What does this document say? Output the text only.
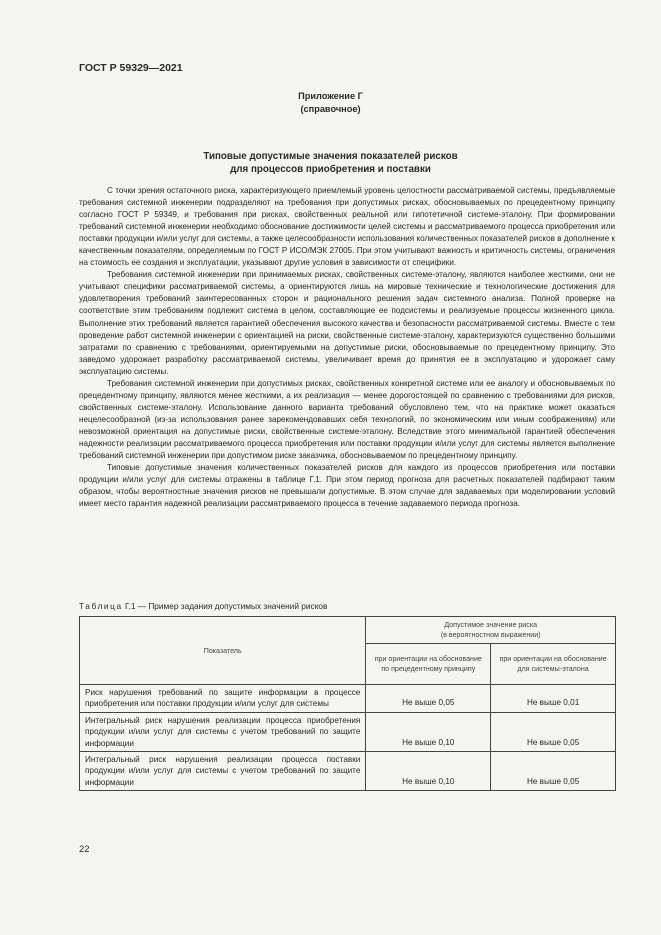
ГОСТ Р 59329—2021
Приложение Г
(справочное)
Типовые допустимые значения показателей рисков
для процессов приобретения и поставки

С точки зрения остаточного риска, характеризующего приемлемый уровень целостности рассматриваемой системы, предъявляемые требования системной инженерии подразделяют на требования при допустимых рисках, обосновываемых по прецедентному принципу согласно ГОСТ Р 59349, и требования при рисках, свойственных реальной или гипотетичной системе-эталону. При формировании требований системной инженерии необходимо обоснование достижимости целей системы и рассматриваемого процесса приобретения или поставки продукции и/или услуг для системы, а также целесообразности использования количественных показателей рисков в дополнение к качественным показателям, определяемым по ГОСТ Р ИСО/МЭК 27005. При этом учитывают важность и критичность системы, ограничения на стоимость ее создания и эксплуатации, указывают другие условия в зависимости от специфики.

Требования системной инженерии при принимаемых рисках, свойственных системе-эталону, являются наиболее жесткими, они не учитывают специфики рассматриваемой системы, а ориентируются лишь на мировые технические и технологические достижения для удовлетворения требований заинтересованных сторон и рационального решения задач системного анализа. Полной проверке на соответствие этим требованиям подлежит система в целом, составляющие ее подсистемы и реализуемые процессы жизненного цикла. Выполнение этих требований является гарантией обеспечения высокого качества и безопасности рассматриваемой системы. Вместе с тем проведение работ системной инженерии с ориентацией на риски, свойственные системе-эталону, характеризуются существенно большими затратами по сравнению с требованиями, ориентируемыми на допустимые риски, обосновываемые по прецедентному принципу. Это заведомо удорожает разработку рассматриваемой системы, увеличивает время до принятия ее в эксплуатацию и удорожает саму эксплуатацию системы.

Требования системной инженерии при допустимых рисках, свойственных конкретной системе или ее аналогу и обосновываемых по прецедентному принципу, являются менее жесткими, а их реализация — менее дорогостоящей по сравнению с требованиями для рисков, свойственных системе-эталону. Использование данного варианта требований обусловлено тем, что на практике может оказаться нецелесообразной (из-за использования ранее зарекомендовавших себя технологий, по экономическим или иным соображениям) или невозможной ориентация на допустимые риски, свойственные системе-эталону. Вследствие этого минимальной гарантией обеспечения надежности реализации рассматриваемого процесса приобретения или поставки продукции и/или услуг для системы является выполнение требований системной инженерии при допустимом риске заказчика, обосновываемом по прецедентному принципу.

Типовые допустимые значения количественных показателей рисков для каждого из процессов приобретения или поставки продукции и/или услуг для системы отражены в таблице Г.1. При этом период прогноза для расчетных показателей подбирают таким образом, чтобы вероятностные значения рисков не превышали допустимые. В этом случае для задаваемых при моделировании условий имеет место гарантия надежной реализации рассматриваемого процесса в течение задаваемого периода прогноза.

Таблица Г.1 — Пример задания допустимых значений рисков
Показатель	Допустимое значение риска
(в вероятностном выражении)	

	при ориентации на обоснование по прецедентному принципу	при ориентации на обоснование для системы-эталона
Риск нарушения требований по защите информации в процессе приобретения или поставки продукции и/или услуг для системы	Не выше 0,05	Не выше 0,01
Интегральный риск нарушения реализации процесса приобретения продукции и/или услуг для системы с учетом требований по защите информации	Не выше 0,10	Не выше 0,05
Интегральный риск нарушения реализации процесса поставки продукции и/или услуг для системы с учетом требований по защите информации	Не выше 0,10	Не выше 0,05
22
